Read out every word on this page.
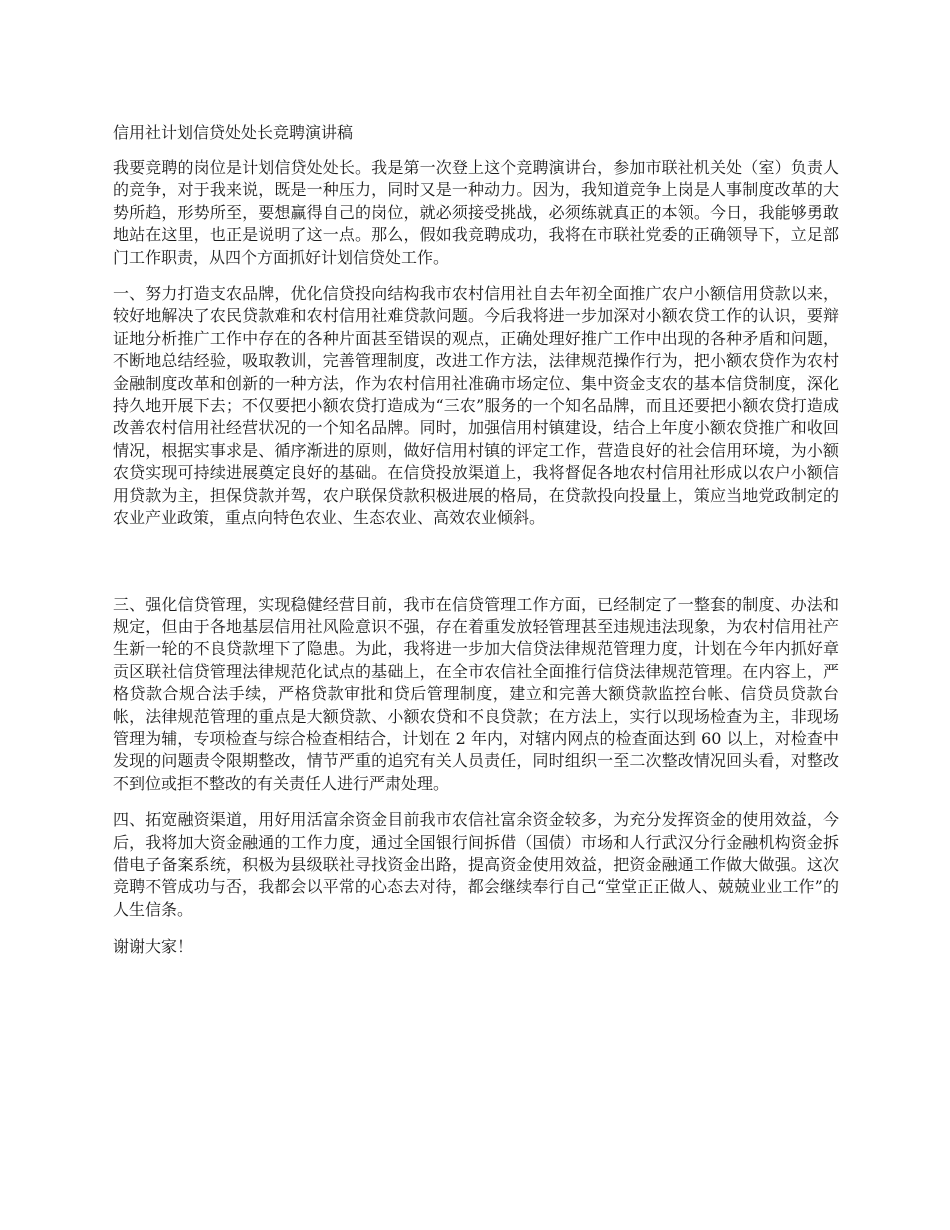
信用社计划信贷处处长竞聘演讲稿

我要竞聘的岗位是计划信贷处处长。我是第一次登上这个竞聘演讲台，参加市联社机关处（室）负责人的竞争，对于我来说，既是一种压力，同时又是一种动力。因为，我知道竞争上岗是人事制度改革的大势所趋，形势所至，要想赢得自己的岗位，就必须接受挑战，必须练就真正的本领。今日，我能够勇敢地站在这里，也正是说明了这一点。那么，假如我竞聘成功，我将在市联社党委的正确领导下，立足部门工作职责，从四个方面抓好计划信贷处工作。

一、努力打造支农品牌，优化信贷投向结构我市农村信用社自去年初全面推广农户小额信用贷款以来，较好地解决了农民贷款难和农村信用社难贷款问题。今后我将进一步加深对小额农贷工作的认识，要辩证地分析推广工作中存在的各种片面甚至错误的观点，正确处理好推广工作中出现的各种矛盾和问题，不断地总结经验，吸取教训，完善管理制度，改进工作方法，法律规范操作行为，把小额农贷作为农村金融制度改革和创新的一种方法，作为农村信用社准确市场定位、集中资金支农的基本信贷制度，深化持久地开展下去；不仅要把小额农贷打造成为“三农”服务的一个知名品牌，而且还要把小额农贷打造成改善农村信用社经营状况的一个知名品牌。同时，加强信用村镇建设，结合上年度小额农贷推广和收回情况，根据实事求是、循序渐进的原则，做好信用村镇的评定工作，营造良好的社会信用环境，为小额农贷实现可持续进展奠定良好的基础。在信贷投放渠道上，我将督促各地农村信用社形成以农户小额信用贷款为主，担保贷款并驾，农户联保贷款积极进展的格局，在贷款投向投量上，策应当地党政制定的农业产业政策，重点向特色农业、生态农业、高效农业倾斜。

三、强化信贷管理，实现稳健经营目前，我市在信贷管理工作方面，已经制定了一整套的制度、办法和规定，但由于各地基层信用社风险意识不强，存在着重发放轻管理甚至违规违法现象，为农村信用社产生新一轮的不良贷款埋下了隐患。为此，我将进一步加大信贷法律规范管理力度，计划在今年内抓好章贡区联社信贷管理法律规范化试点的基础上，在全市农信社全面推行信贷法律规范管理。在内容上，严格贷款合规合法手续，严格贷款审批和贷后管理制度，建立和完善大额贷款监控台帐、信贷员贷款台帐，法律规范管理的重点是大额贷款、小额农贷和不良贷款；在方法上，实行以现场检查为主，非现场管理为辅，专项检查与综合检查相结合，计划在 2 年内，对辖内网点的检查面达到 60 以上，对检查中发现的问题责令限期整改，情节严重的追究有关人员责任，同时组织一至二次整改情况回头看，对整改不到位或拒不整改的有关责任人进行严肃处理。

四、拓宽融资渠道，用好用活富余资金目前我市农信社富余资金较多，为充分发挥资金的使用效益，今后，我将加大资金融通的工作力度，通过全国银行间拆借（国债）市场和人行武汉分行金融机构资金拆借电子备案系统，积极为县级联社寻找资金出路，提高资金使用效益，把资金融通工作做大做强。这次竞聘不管成功与否，我都会以平常的心态去对待，都会继续奉行自己“堂堂正正做人、兢兢业业工作”的人生信条。

谢谢大家！
